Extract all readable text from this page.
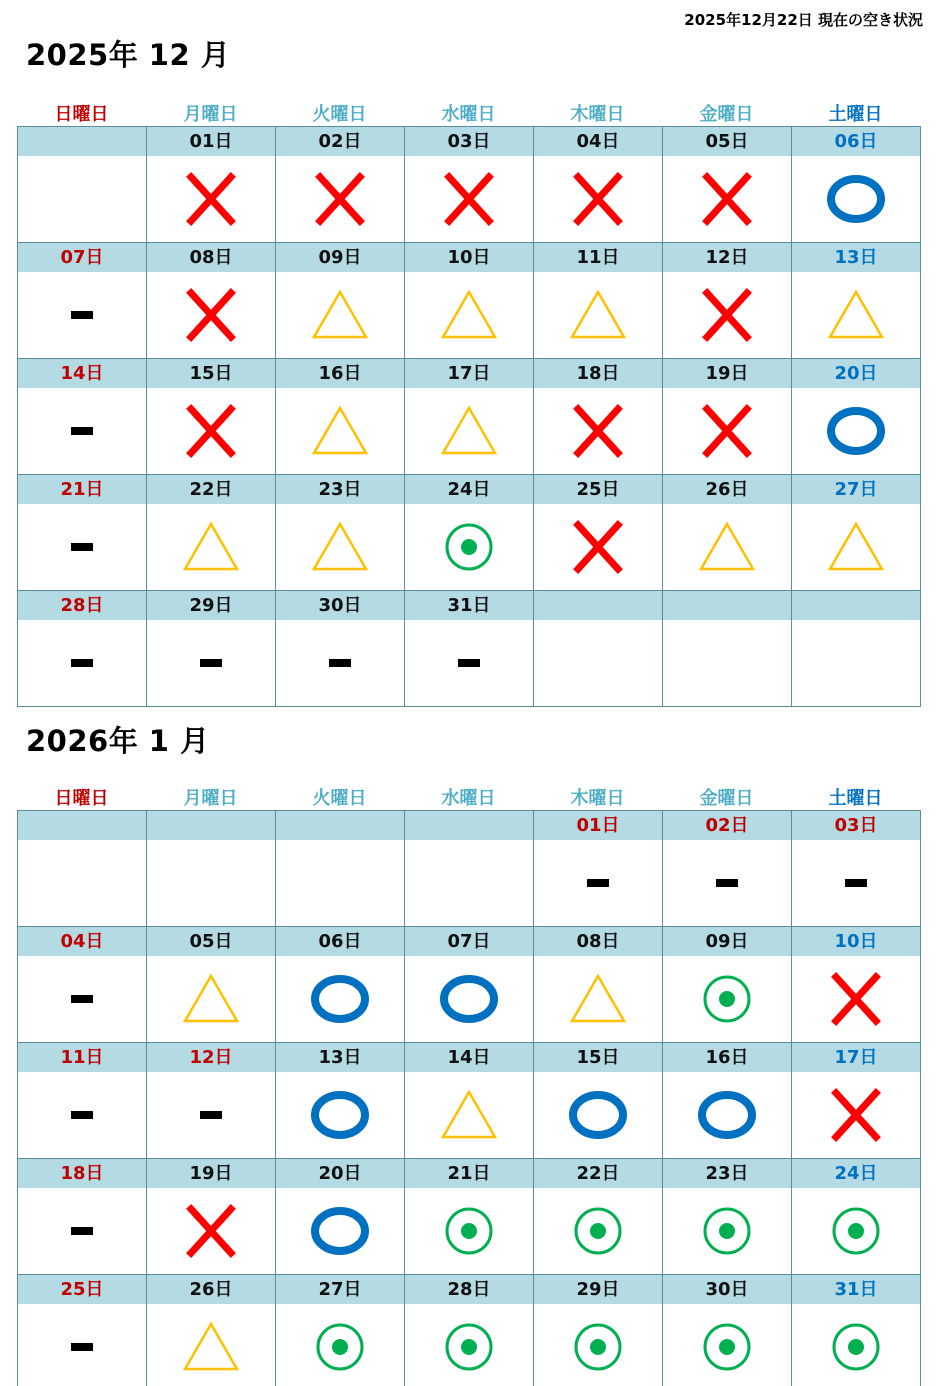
2025年12月22日 現在の空き状況
2025年 12 月
日曜日	月曜日	火曜日	水曜日	木曜日	金曜日	土曜日

	01日	02日	03日	04日	05日	06日

07日	08日	09日	10日	11日	12日	13日

14日	15日	16日	17日	18日	19日	20日

21日	22日	23日	24日	25日	26日	27日

28日	29日	30日	31日			

2026年 1 月
日曜日	月曜日	火曜日	水曜日	木曜日	金曜日	土曜日

				01日	02日	03日

04日	05日	06日	07日	08日	09日	10日

11日	12日	13日	14日	15日	16日	17日

18日	19日	20日	21日	22日	23日	24日

25日	26日	27日	28日	29日	30日	31日
